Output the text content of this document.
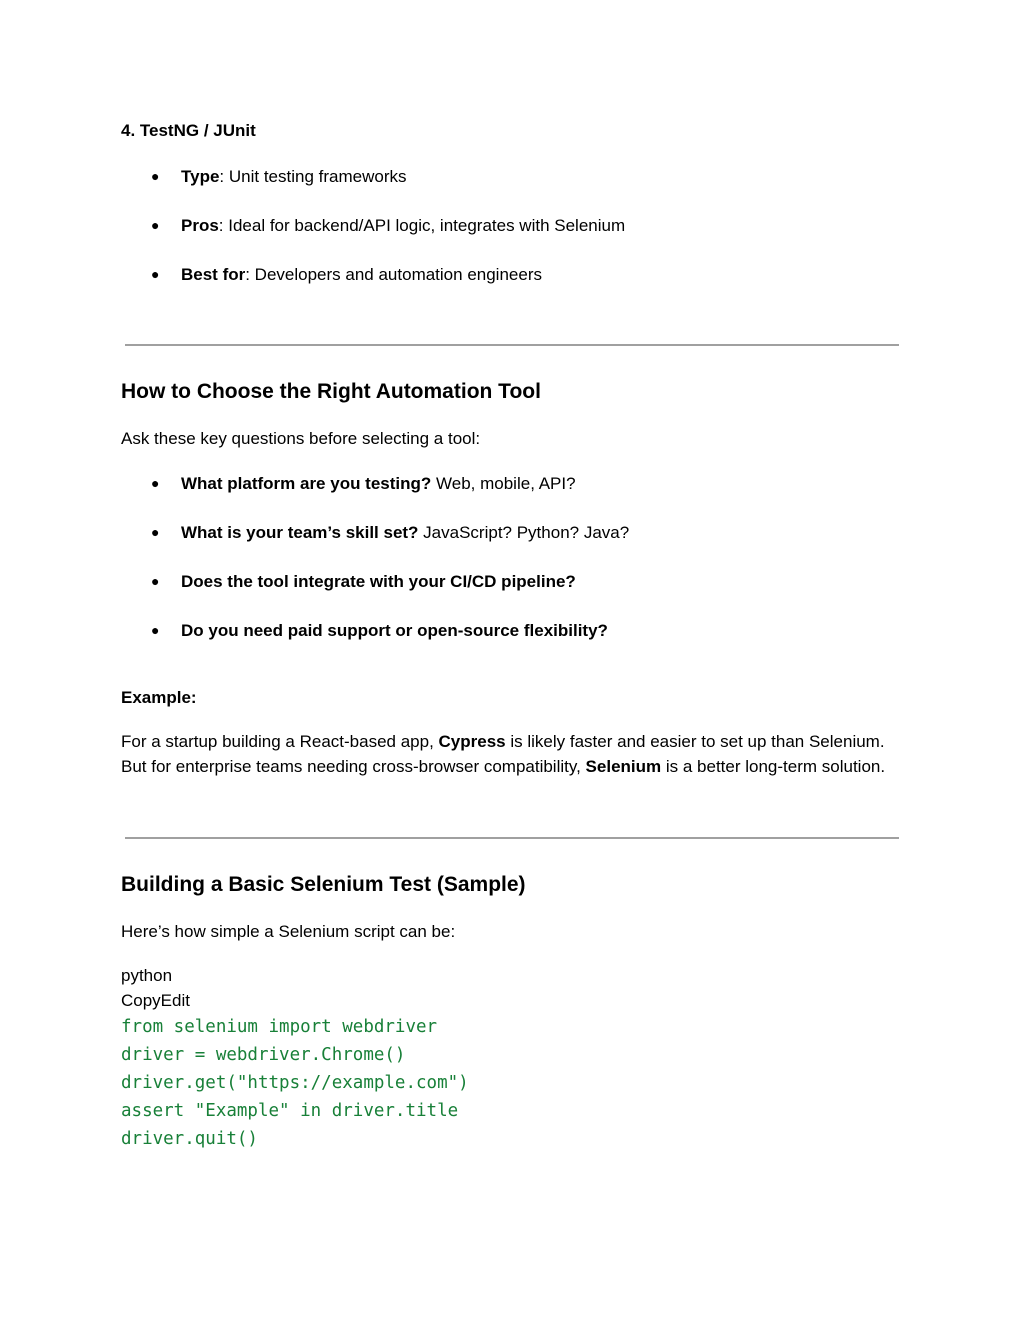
4. TestNG / JUnit
● Type: Unit testing frameworks
● Pros: Ideal for backend/API logic, integrates with Selenium
● Best for: Developers and automation engineers
How to Choose the Right Automation Tool
Ask these key questions before selecting a tool:
● What platform are you testing? Web, mobile, API?
● What is your team’s skill set? JavaScript? Python? Java?
● Does the tool integrate with your CI/CD pipeline?
● Do you need paid support or open-source flexibility?
Example:

For a startup building a React-based app, Cypress is likely faster and easier to set up than Selenium. But for enterprise teams needing cross-browser compatibility, Selenium is a better long-term solution.

Building a Basic Selenium Test (Sample)
Here’s how simple a Selenium script can be:
python
CopyEdit
from selenium import webdriver
driver = webdriver.Chrome()
driver.get("https://example.com")
assert "Example" in driver.title
driver.quit()
